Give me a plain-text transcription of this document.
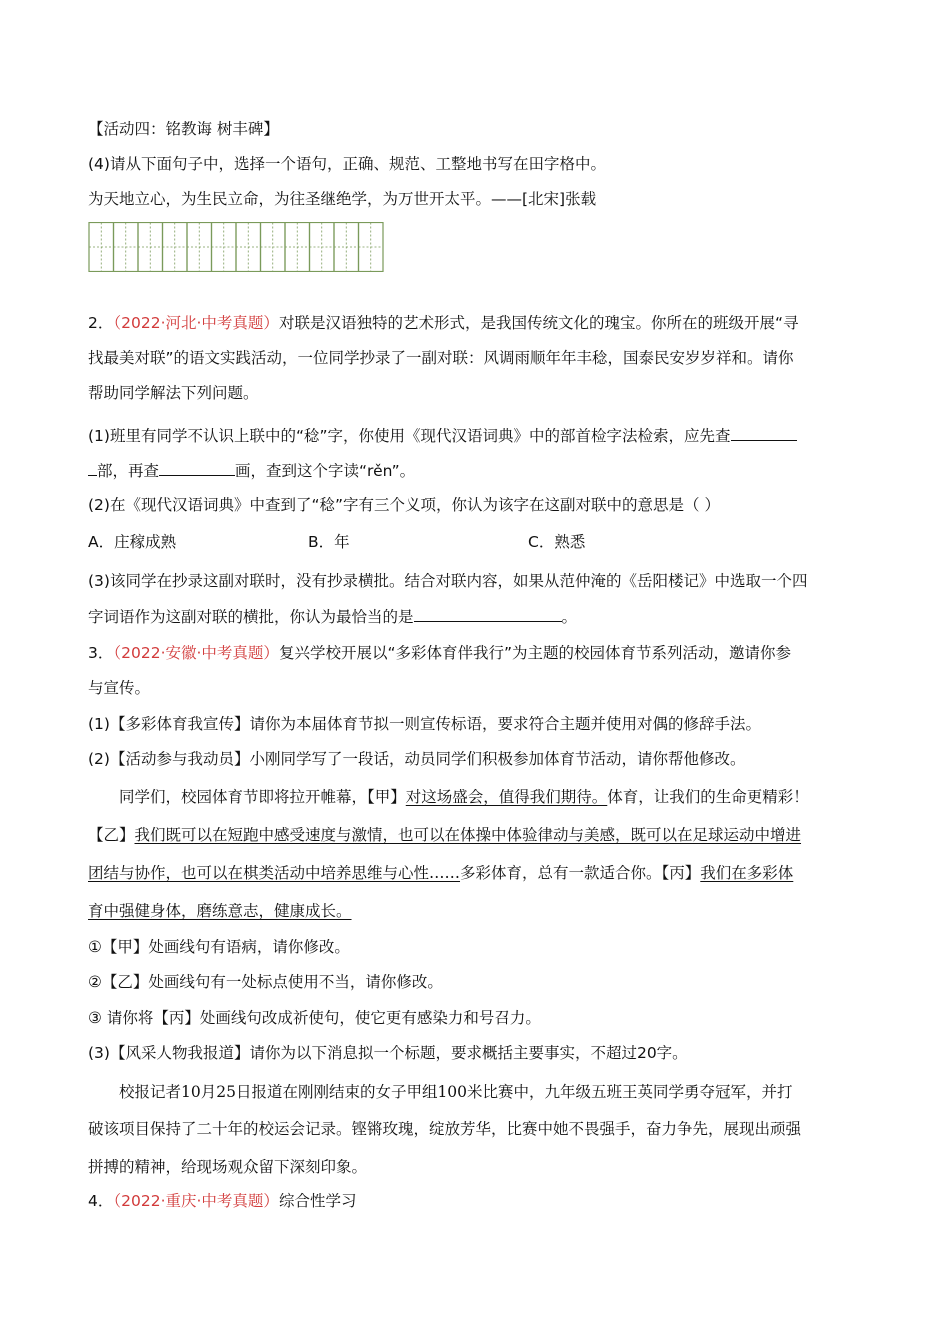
【活动四：铭教诲 树丰碑】
(4)请从下面句子中，选择一个语句，正确、规范、工整地书写在田字格中。
为天地立心，为生民立命，为往圣继绝学，为万世开太平。——[北宋]张载
2．（2022·河北·中考真题）对联是汉语独特的艺术形式，是我国传统文化的瑰宝。你所在的班级开展“寻
找最美对联”的语文实践活动，一位同学抄录了一副对联：风调雨顺年年丰稔，国泰民安岁岁祥和。请你
帮助同学解法下列问题。
(1)班里有同学不认识上联中的“稔”字，你使用《现代汉语词典》中的部首检字法检索，应先查
部，再查	画，查到这个字读“rěn”。
(2)在《现代汉语词典》中查到了“稔”字有三个义项，你认为该字在这副对联中的意思是（ ）
A．庄稼成熟	B．年	C．熟悉
(3)该同学在抄录这副对联时，没有抄录横批。结合对联内容，如果从范仲淹的《岳阳楼记》中选取一个四
字词语作为这副对联的横批，你认为最恰当的是	。
3．（2022·安徽·中考真题）复兴学校开展以“多彩体育伴我行”为主题的校园体育节系列活动，邀请你参
与宣传。
(1)【多彩体育我宣传】请你为本届体育节拟一则宣传标语，要求符合主题并使用对偶的修辞手法。
(2)【活动参与我动员】小刚同学写了一段话，动员同学们积极参加体育节活动，请你帮他修改。
同学们，校园体育节即将拉开帷幕，【甲】对这场盛会，值得我们期待。体育，让我们的生命更精彩！
【乙】我们既可以在短跑中感受速度与激情，也可以在体操中体验律动与美感，既可以在足球运动中增进
团结与协作，也可以在棋类活动中培养思维与心性……多彩体育，总有一款适合你。【丙】我们在多彩体
育中强健身体，磨练意志，健康成长。
①【甲】处画线句有语病，请你修改。
②【乙】处画线句有一处标点使用不当，请你修改。
③ 请你将【丙】处画线句改成祈使句，使它更有感染力和号召力。
(3)【风采人物我报道】请你为以下消息拟一个标题，要求概括主要事实，不超过20字。
校报记者10月25日报道在刚刚结束的女子甲组100米比赛中，九年级五班王英同学勇夺冠军，并打
破该项目保持了二十年的校运会记录。铿锵玫瑰，绽放芳华，比赛中她不畏强手，奋力争先，展现出顽强
拼搏的精神，给现场观众留下深刻印象。
4．（2022·重庆·中考真题）综合性学习
